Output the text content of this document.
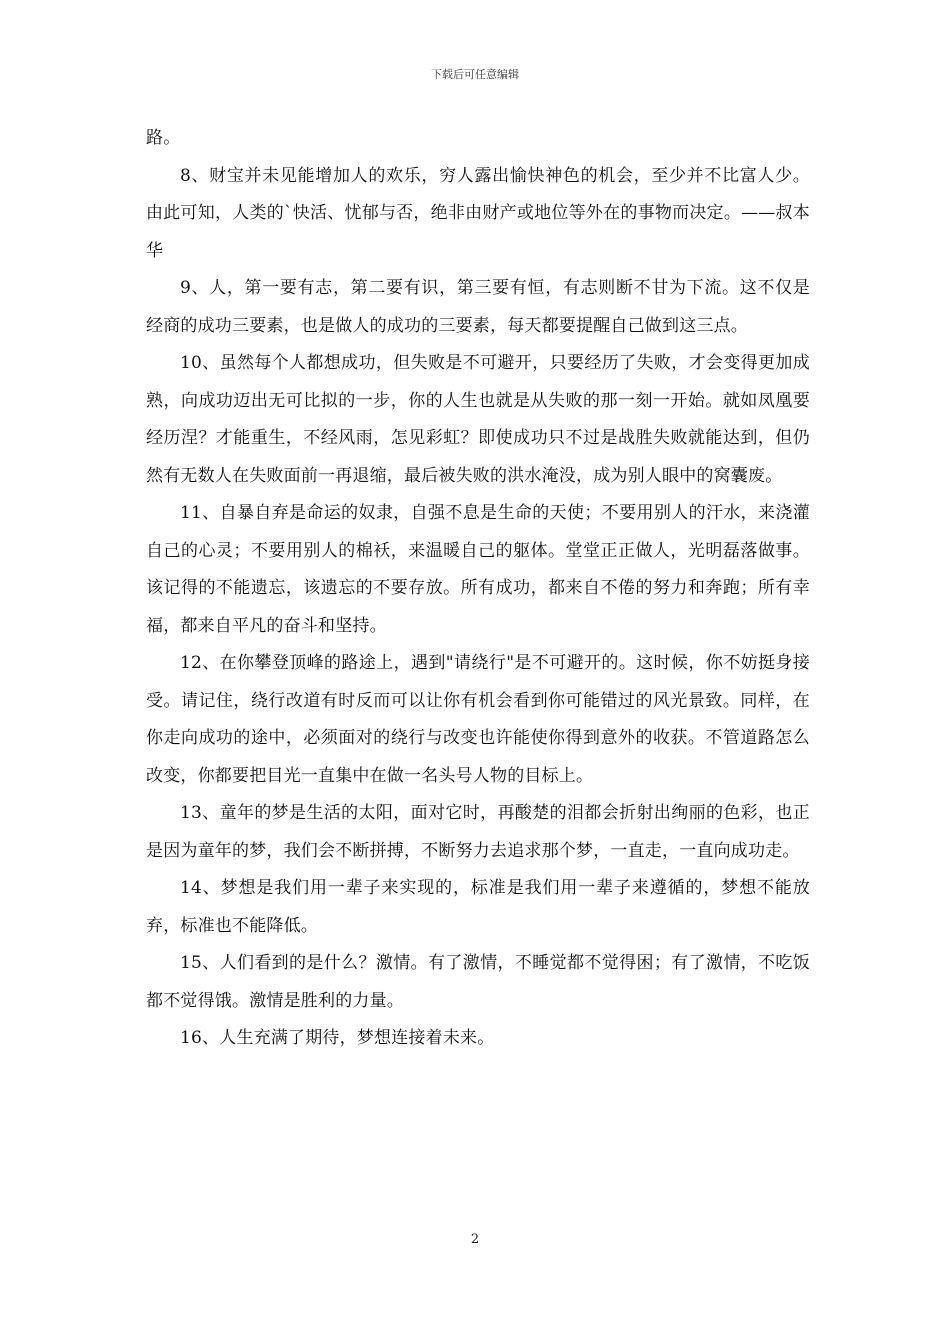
下载后可任意编辑

路。

8、财宝并未见能增加人的欢乐，穷人露出愉快神色的机会，至少并不比富人少。由此可知，人类的`快活、忧郁与否，绝非由财产或地位等外在的事物而决定。——叔本华

9、人，第一要有志，第二要有识，第三要有恒，有志则断不甘为下流。这不仅是经商的成功三要素，也是做人的成功的三要素，每天都要提醒自己做到这三点。

10、虽然每个人都想成功，但失败是不可避开，只要经历了失败，才会变得更加成熟，向成功迈出无可比拟的一步，你的人生也就是从失败的那一刻一开始。就如凤凰要经历涅？才能重生，不经风雨，怎见彩虹？即使成功只不过是战胜失败就能达到，但仍然有无数人在失败面前一再退缩，最后被失败的洪水淹没，成为别人眼中的窝囊废。

11、自暴自弃是命运的奴隶，自强不息是生命的天使；不要用别人的汗水，来浇灌自己的心灵；不要用别人的棉袄，来温暖自己的躯体。堂堂正正做人，光明磊落做事。该记得的不能遗忘，该遗忘的不要存放。所有成功，都来自不倦的努力和奔跑；所有幸福，都来自平凡的奋斗和坚持。

12、在你攀登顶峰的路途上，遇到"请绕行"是不可避开的。这时候，你不妨挺身接受。请记住，绕行改道有时反而可以让你有机会看到你可能错过的风光景致。同样，在你走向成功的途中，必须面对的绕行与改变也许能使你得到意外的收获。不管道路怎么改变，你都要把目光一直集中在做一名头号人物的目标上。

13、童年的梦是生活的太阳，面对它时，再酸楚的泪都会折射出绚丽的色彩，也正是因为童年的梦，我们会不断拼搏，不断努力去追求那个梦，一直走，一直向成功走。

14、梦想是我们用一辈子来实现的，标准是我们用一辈子来遵循的，梦想不能放弃，标准也不能降低。

15、人们看到的是什么？激情。有了激情，不睡觉都不觉得困；有了激情，不吃饭都不觉得饿。激情是胜利的力量。

16、人生充满了期待，梦想连接着未来。

2
